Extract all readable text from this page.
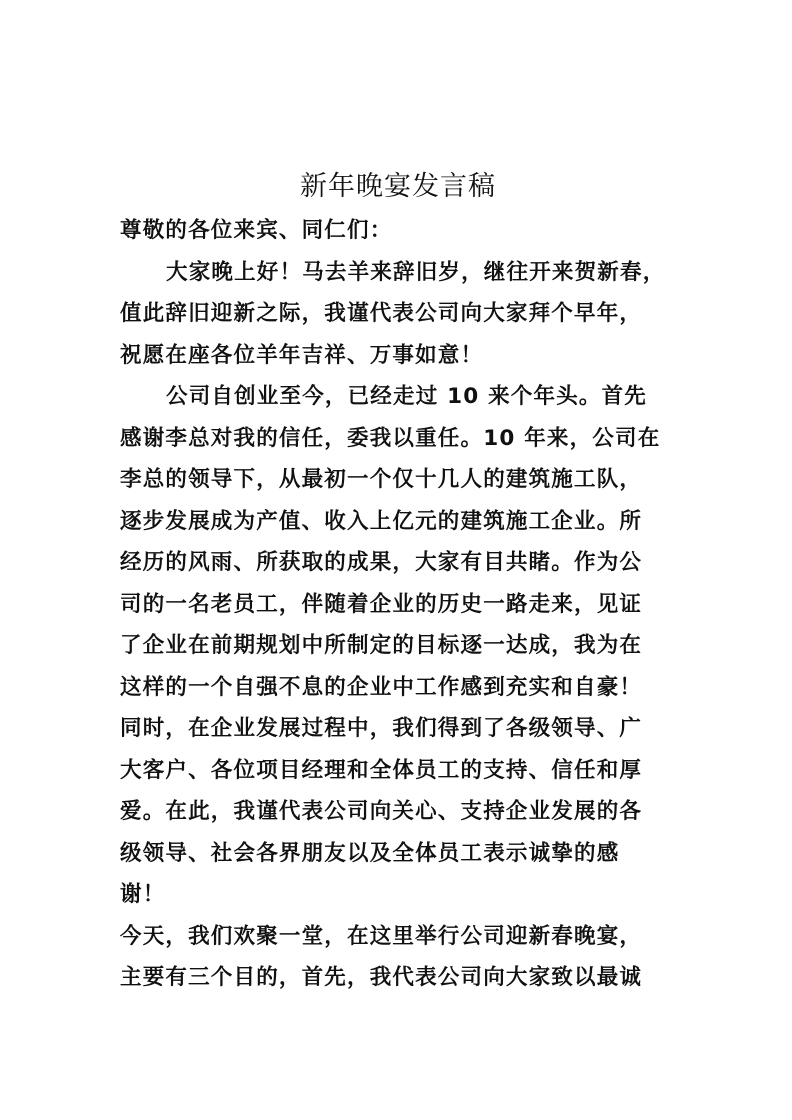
新年晚宴发言稿
尊敬的各位来宾、同仁们：
大家晚上好！马去羊来辞旧岁，继往开来贺新春，
值此辞旧迎新之际，我谨代表公司向大家拜个早年，
祝愿在座各位羊年吉祥、万事如意！
公司自创业至今，已经走过 10 来个年头。首先
感谢李总对我的信任，委我以重任。10 年来，公司在
李总的领导下，从最初一个仅十几人的建筑施工队，
逐步发展成为产值、收入上亿元的建筑施工企业。所
经历的风雨、所获取的成果，大家有目共睹。作为公
司的一名老员工，伴随着企业的历史一路走来，见证
了企业在前期规划中所制定的目标逐一达成，我为在
这样的一个自强不息的企业中工作感到充实和自豪！
同时，在企业发展过程中，我们得到了各级领导、广
大客户、各位项目经理和全体员工的支持、信任和厚
爱。在此，我谨代表公司向关心、支持企业发展的各
级领导、社会各界朋友以及全体员工表示诚挚的感
谢！
今天，我们欢聚一堂，在这里举行公司迎新春晚宴，
主要有三个目的，首先，我代表公司向大家致以最诚
